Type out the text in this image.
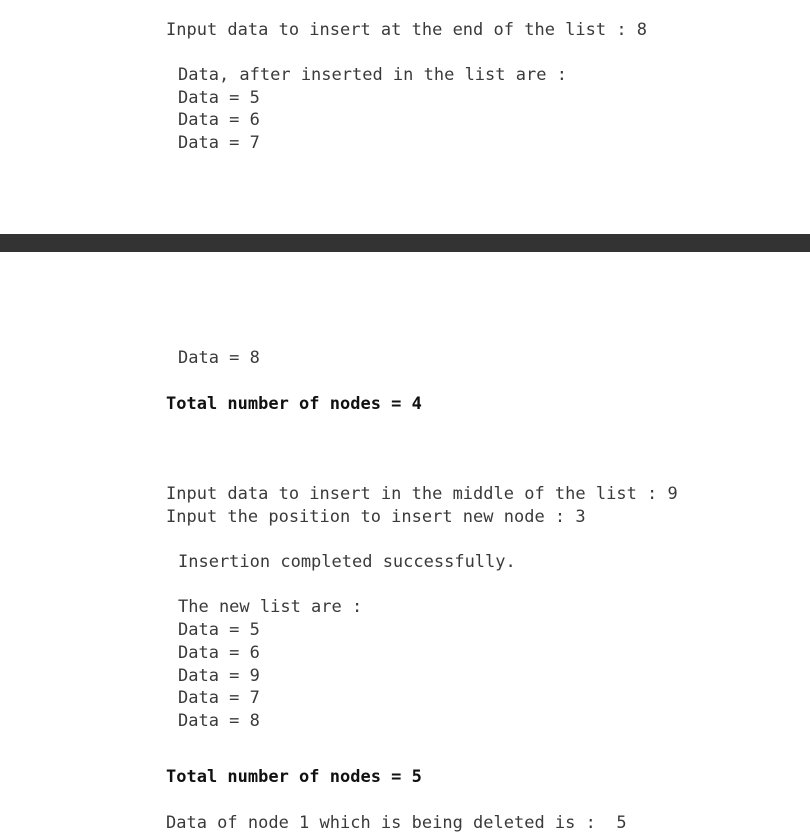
Input data to insert at the end of the list : 8
Data, after inserted in the list are :
Data = 5
Data = 6
Data = 7
Data = 8
Total number of nodes = 4
Input data to insert in the middle of the list : 9
Input the position to insert new node : 3
Insertion completed successfully.
The new list are :
Data = 5
Data = 6
Data = 9
Data = 7
Data = 8
Total number of nodes = 5
Data of node 1 which is being deleted is :  5
